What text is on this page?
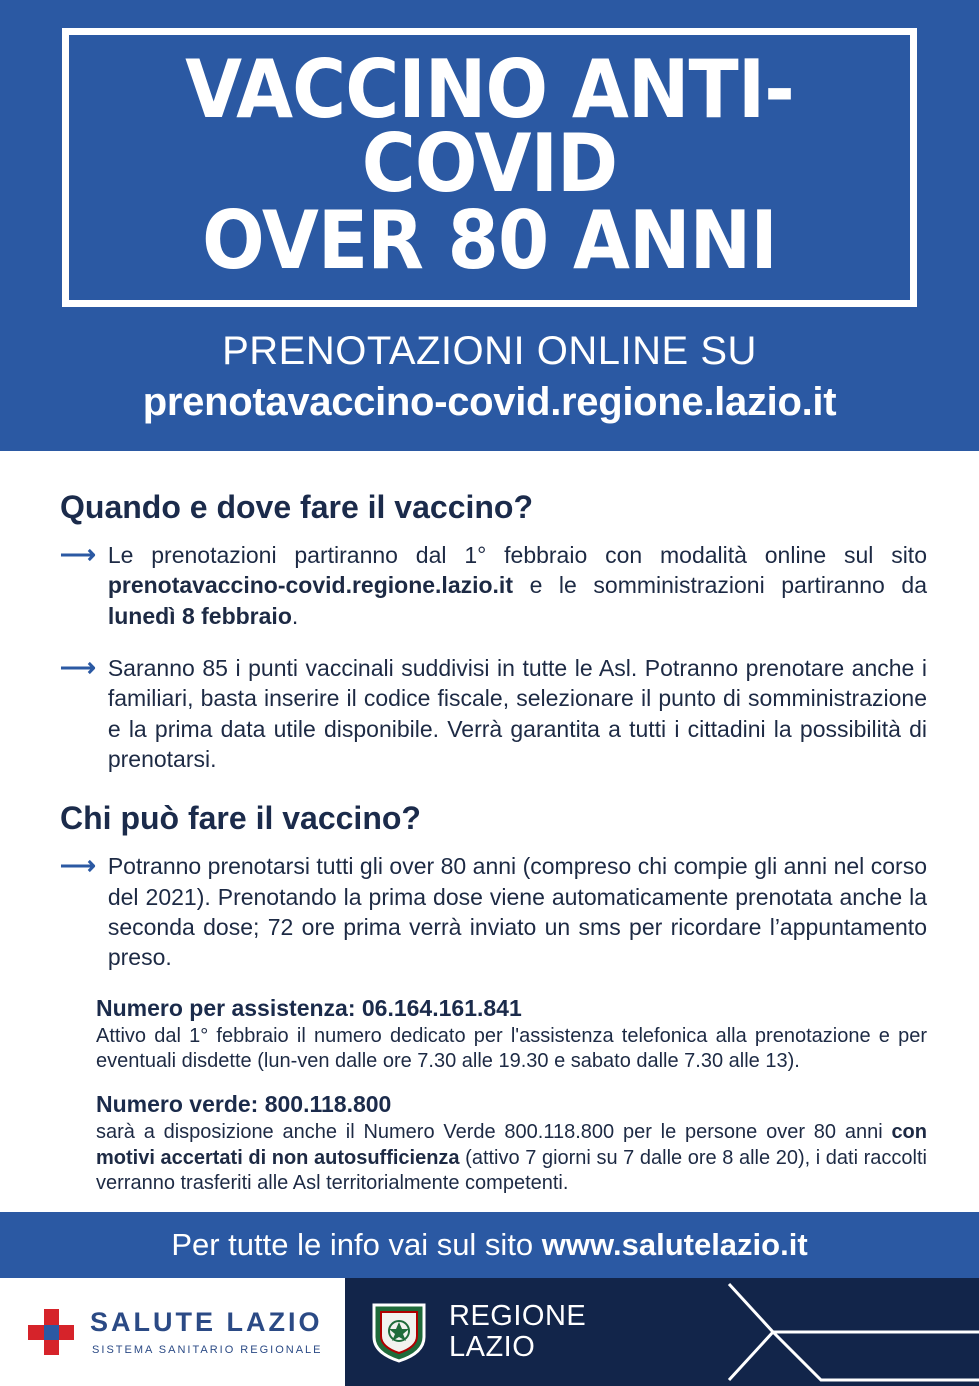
VACCINO ANTI-COVID
OVER 80 ANNI
PRENOTAZIONI ONLINE SU
prenotavaccino-covid.regione.lazio.it
Quando e dove fare il vaccino?
⟶ Le prenotazioni partiranno dal 1° febbraio con modalità online sul sito prenotavaccino-covid.regione.lazio.it e le somministrazioni partiranno da lunedì 8 febbraio.
⟶ Saranno 85 i punti vaccinali suddivisi in tutte le Asl. Potranno prenotare anche i familiari, basta inserire il codice fiscale, selezionare il punto di somministrazione e la prima data utile disponibile. Verrà garantita a tutti i cittadini la possibilità di prenotarsi.
Chi può fare il vaccino?
⟶ Potranno prenotarsi tutti gli over 80 anni (compreso chi compie gli anni nel corso del 2021). Prenotando la prima dose viene automaticamente prenotata anche la seconda dose; 72 ore prima verrà inviato un sms per ricordare l’appuntamento preso.
Numero per assistenza: 06.164.161.841
Attivo dal 1° febbraio il numero dedicato per l'assistenza telefonica alla prenotazione e per eventuali disdette (lun-ven dalle ore 7.30 alle 19.30 e sabato dalle 7.30 alle 13).
Numero verde: 800.118.800
sarà a disposizione anche il Numero Verde 800.118.800 per le persone over 80 anni con motivi accertati di non autosufficienza (attivo 7 giorni su 7 dalle ore 8 alle 20), i dati raccolti verranno trasferiti alle Asl territorialmente competenti.
Per tutte le info vai sul sito www.salutelazio.it
SALUTE LAZIO
SISTEMA SANITARIO REGIONALE
REGIONE
LAZIO
